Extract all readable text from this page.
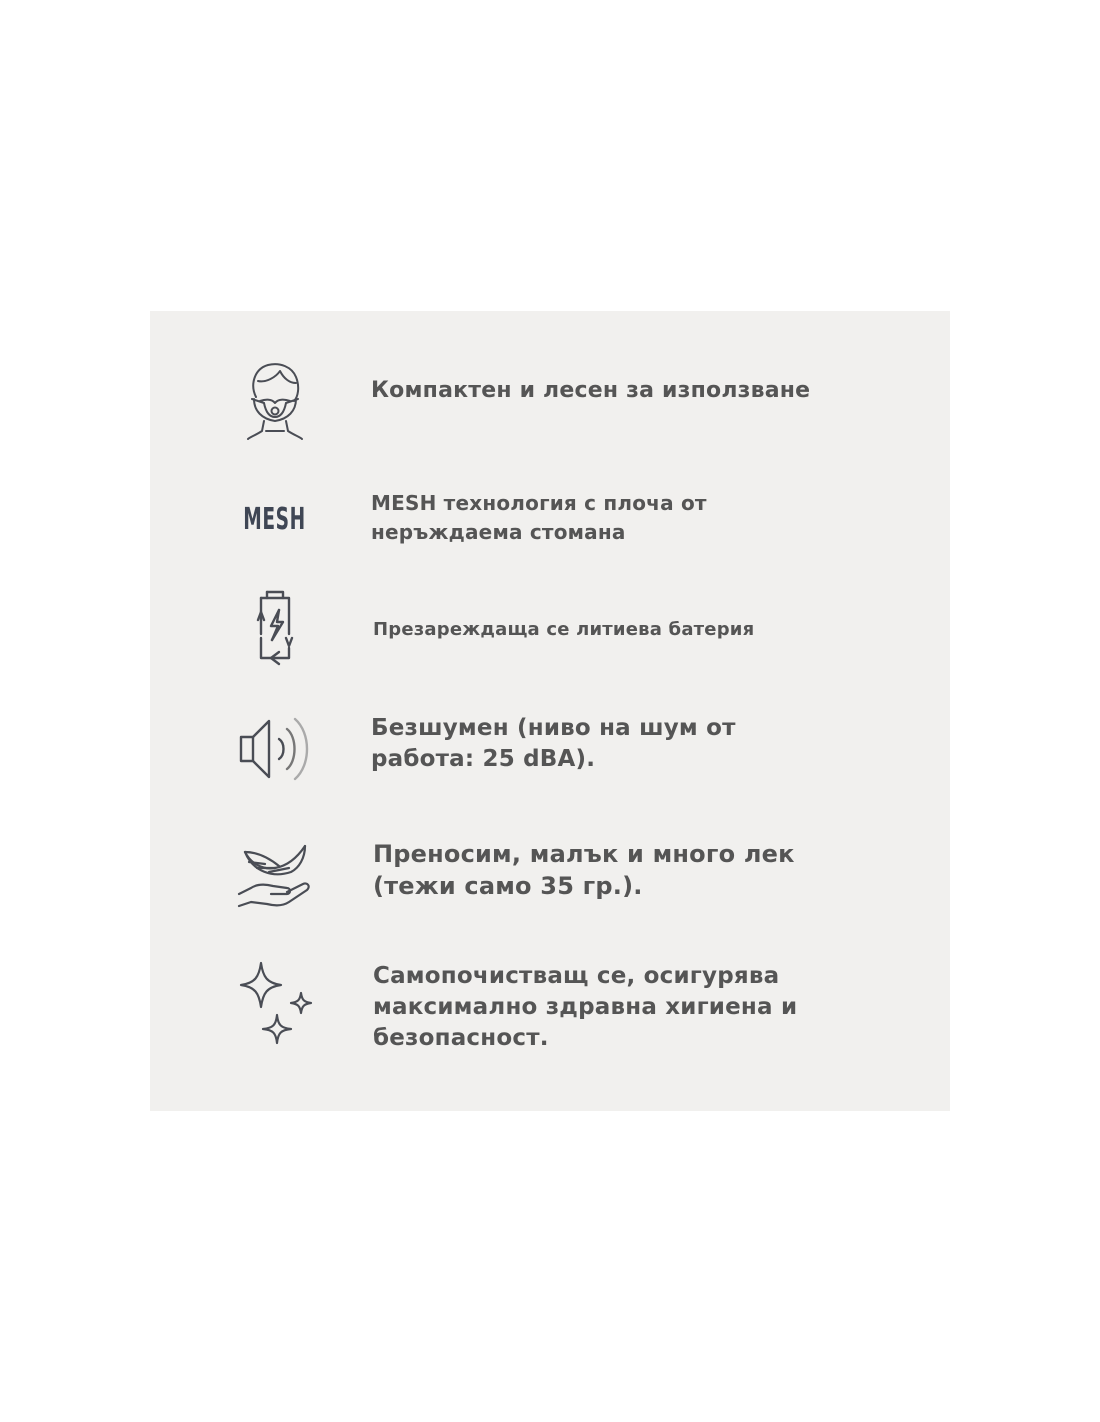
Компактен и лесен за използване
MESH	MESH технология с плоча от неръждаема стомана
Презареждаща се литиева батерия
Безшумен (ниво на шум от работа: 25 dBA).
Преносим, малък и много лек (тежи само 35 гр.).
Самопочистващ се, осигурява максимално здравна хигиена и безопасност.
